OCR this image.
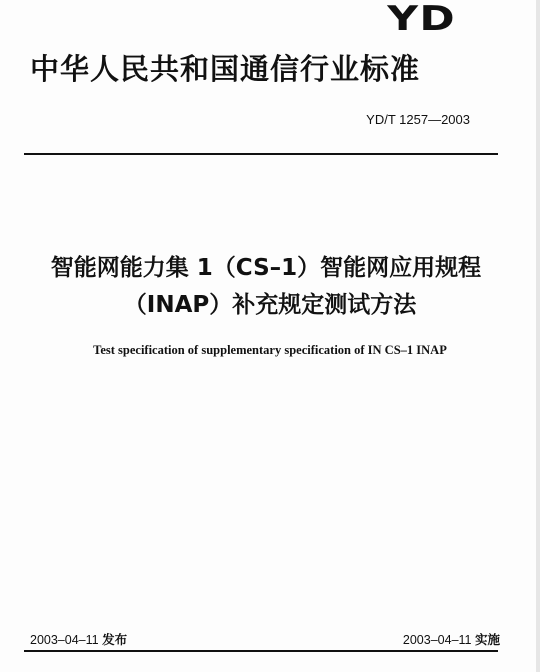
YD
中华人民共和国通信行业标准
YD/T 1257—2003
智能网能力集 1（CS–1）智能网应用规程
（INAP）补充规定测试方法
Test specification of supplementary specification of IN CS–1 INAP
2003–04–11 发布	2003–04–11 实施
